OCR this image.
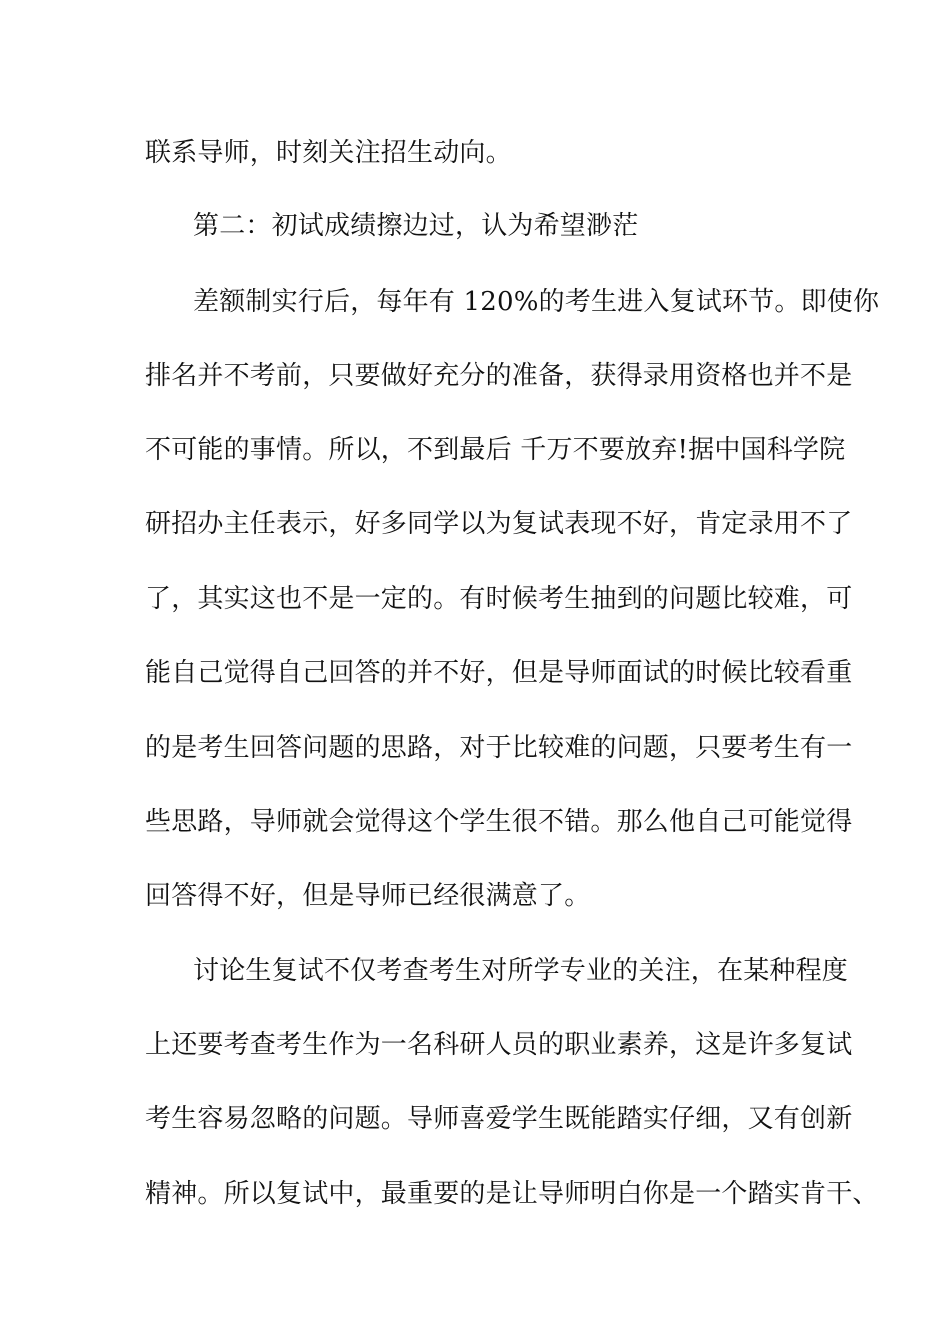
联系导师，时刻关注招生动向。
第二：初试成绩擦边过，认为希望渺茫
差额制实行后，每年有 120%的考生进入复试环节。即使你
排名并不考前，只要做好充分的准备，获得录用资格也并不是
不可能的事情。所以，不到最后 千万不要放弃!据中国科学院
研招办主任表示，好多同学以为复试表现不好，肯定录用不了
了，其实这也不是一定的。有时候考生抽到的问题比较难，可
能自己觉得自己回答的并不好，但是导师面试的时候比较看重
的是考生回答问题的思路，对于比较难的问题，只要考生有一
些思路，导师就会觉得这个学生很不错。那么他自己可能觉得
回答得不好，但是导师已经很满意了。
讨论生复试不仅考查考生对所学专业的关注，在某种程度
上还要考查考生作为一名科研人员的职业素养，这是许多复试
考生容易忽略的问题。导师喜爱学生既能踏实仔细，又有创新
精神。所以复试中，最重要的是让导师明白你是一个踏实肯干、
